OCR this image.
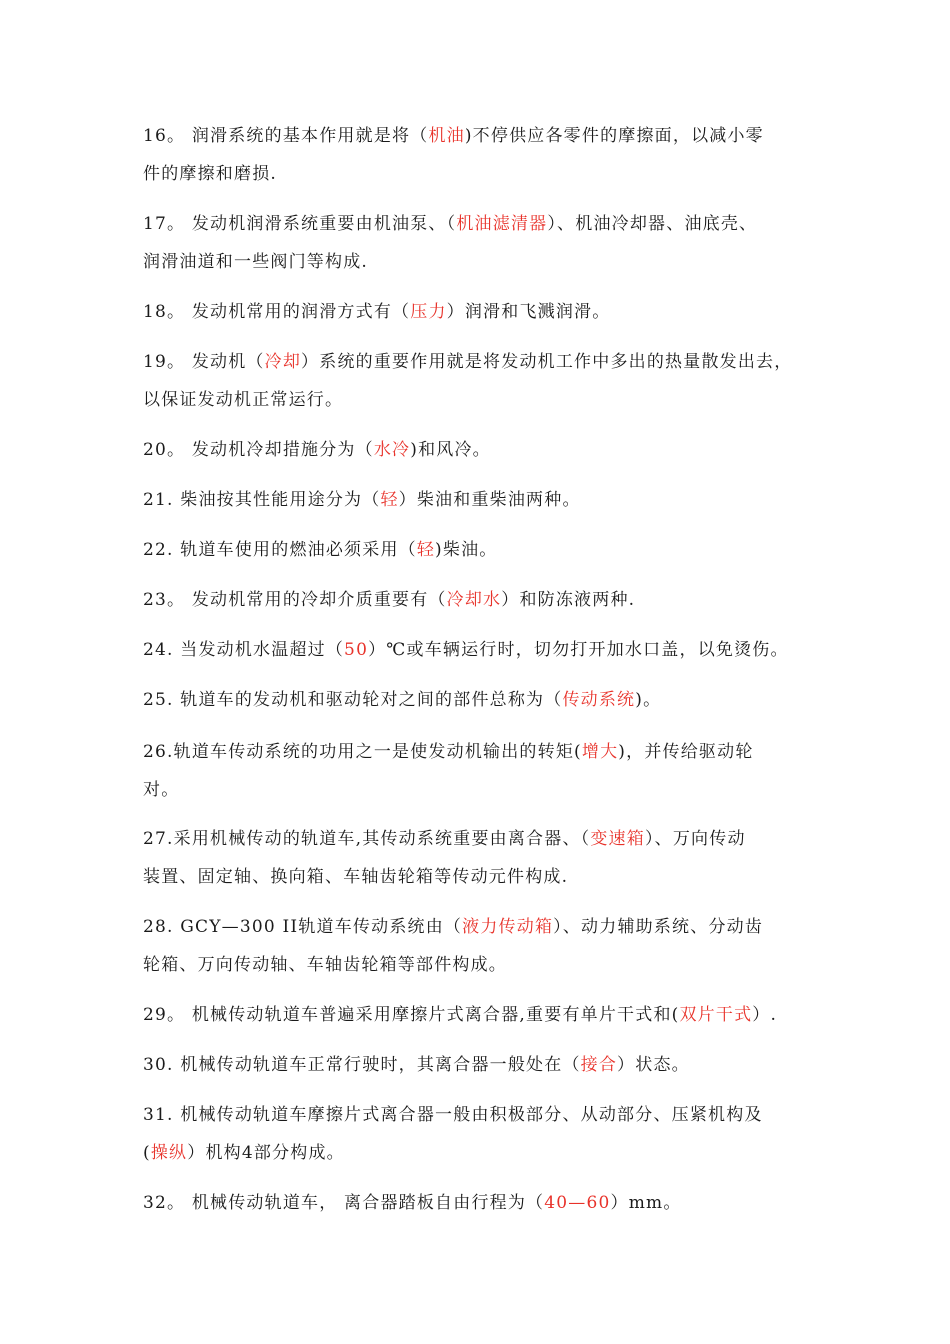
16。 润滑系统的基本作用就是将（机油)不停供应各零件的摩擦面，以减小零
件的摩擦和磨损.
17。 发动机润滑系统重要由机油泵、（机油滤清器）、机油冷却器、油底壳、
润滑油道和一些阀门等构成.
18。 发动机常用的润滑方式有（压力）润滑和飞溅润滑。
19。 发动机（冷却）系统的重要作用就是将发动机工作中多出的热量散发出去，
以保证发动机正常运行。
20。 发动机冷却措施分为（水冷)和风冷。
21. 柴油按其性能用途分为（轻）柴油和重柴油两种。
22. 轨道车使用的燃油必须采用（轻)柴油。
23。 发动机常用的冷却介质重要有（冷却水）和防冻液两种.
24. 当发动机水温超过（50）℃或车辆运行时，切勿打开加水口盖，以免烫伤。
25. 轨道车的发动机和驱动轮对之间的部件总称为（传动系统)。
26.轨道车传动系统的功用之一是使发动机输出的转矩(增大)，并传给驱动轮
对。
27.采用机械传动的轨道车,其传动系统重要由离合器、（变速箱）、万向传动
装置、固定轴、换向箱、车轴齿轮箱等传动元件构成.
28. GCY—300 II轨道车传动系统由（液力传动箱）、动力辅助系统、分动齿
轮箱、万向传动轴、车轴齿轮箱等部件构成。
29。 机械传动轨道车普遍采用摩擦片式离合器,重要有单片干式和(双片干式）.
30. 机械传动轨道车正常行驶时，其离合器一般处在（接合）状态。
31. 机械传动轨道车摩擦片式离合器一般由积极部分、从动部分、压紧机构及
(操纵）机构4部分构成。
32。 机械传动轨道车， 离合器踏板自由行程为（40—60）mm。
